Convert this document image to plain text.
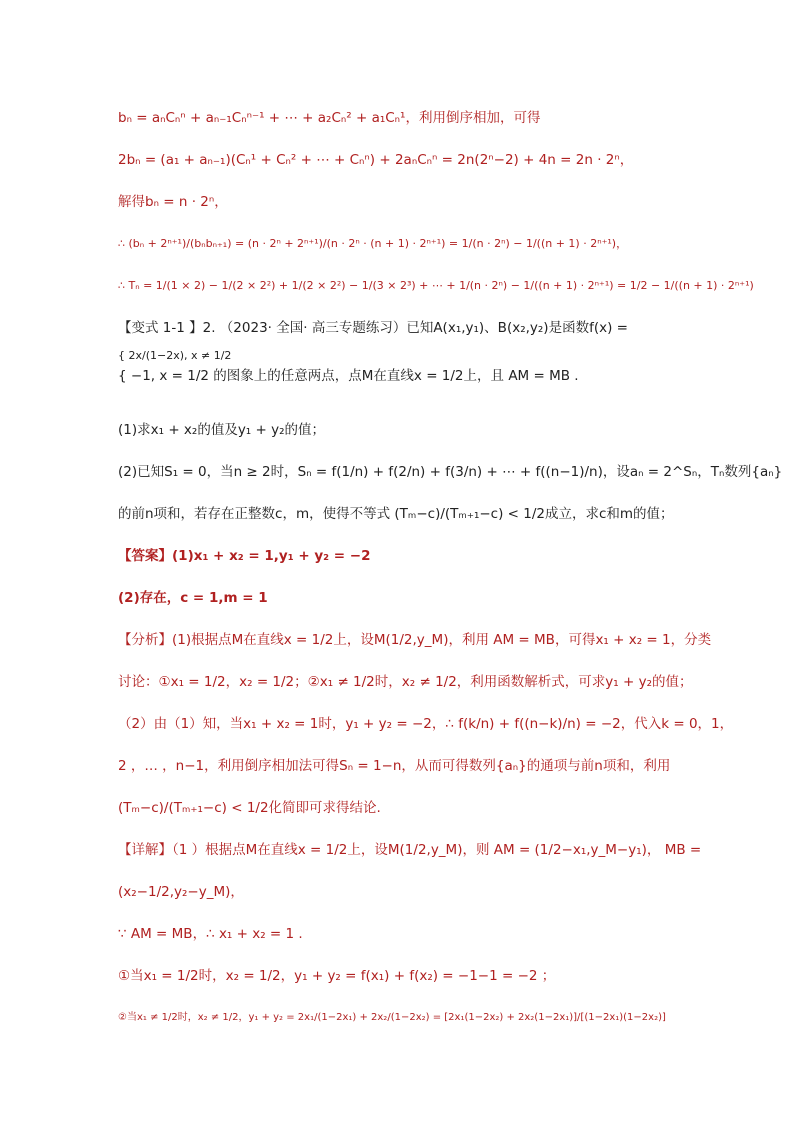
bₙ = aₙCₙⁿ + aₙ₋₁Cₙⁿ⁻¹ + ⋯ + a₂Cₙ² + a₁Cₙ¹，利用倒序相加，可得
2bₙ = (a₁ + aₙ₋₁)(Cₙ¹ + Cₙ² + ⋯ + Cₙⁿ) + 2aₙCₙⁿ = 2n(2ⁿ−2) + 4n = 2n · 2ⁿ，
解得bₙ = n · 2ⁿ，
∴ (bₙ + 2ⁿ⁺¹)/(bₙbₙ₊₁) = (n · 2ⁿ + 2ⁿ⁺¹)/(n · 2ⁿ · (n + 1) · 2ⁿ⁺¹) = 1/(n · 2ⁿ) − 1/((n + 1) · 2ⁿ⁺¹)，
∴ Tₙ = 1/(1 × 2) − 1/(2 × 2²) + 1/(2 × 2²) − 1/(3 × 2³) + ⋯ + 1/(n · 2ⁿ) − 1/((n + 1) · 2ⁿ⁺¹) = 1/2 − 1/((n + 1) · 2ⁿ⁺¹)
【变式 1-1 】2. （2023· 全国· 高三专题练习）已知A(x₁,y₁)、B(x₂,y₂)是函数f(x) =
{ 2x/(1−2x), x ≠ 1/2
{ −1, x = 1/2 的图象上的任意两点，点M在直线x = 1/2上，且 AM = MB .
(1)求x₁ + x₂的值及y₁ + y₂的值；
(2)已知S₁ = 0，当n ≥ 2时，Sₙ = f(1/n) + f(2/n) + f(3/n) + ⋯ + f((n−1)/n)，设aₙ = 2^Sₙ，Tₙ数列{aₙ}
的前n项和，若存在正整数c，m，使得不等式 (Tₘ−c)/(Tₘ₊₁−c) < 1/2成立，求c和m的值；
【答案】(1)x₁ + x₂ = 1,y₁ + y₂ = −2
(2)存在，c = 1,m = 1
【分析】(1)根据点M在直线x = 1/2上，设M(1/2,y_M)，利用 AM = MB，可得x₁ + x₂ = 1，分类
讨论：①x₁ = 1/2，x₂ = 1/2；②x₁ ≠ 1/2时，x₂ ≠ 1/2，利用函数解析式，可求y₁ + y₂的值；
（2）由（1）知，当x₁ + x₂ = 1时，y₁ + y₂ = −2，∴ f(k/n) + f((n−k)/n) = −2，代入k = 0，1，
2 ，… ，n−1，利用倒序相加法可得Sₙ = 1−n，从而可得数列{aₙ}的通项与前n项和，利用
(Tₘ−c)/(Tₘ₊₁−c) < 1/2化简即可求得结论.
【详解】（1 ）根据点M在直线x = 1/2上，设M(1/2,y_M)，则 AM = (1/2−x₁,y_M−y₁)， MB =
(x₂−1/2,y₂−y_M)，
∵ AM = MB，∴ x₁ + x₂ = 1 .
①当x₁ = 1/2时，x₂ = 1/2，y₁ + y₂ = f(x₁) + f(x₂) = −1−1 = −2 ；
②当x₁ ≠ 1/2时，x₂ ≠ 1/2，y₁ + y₂ = 2x₁/(1−2x₁) + 2x₂/(1−2x₂) = [2x₁(1−2x₂) + 2x₂(1−2x₁)]/[(1−2x₁)(1−2x₂)]
